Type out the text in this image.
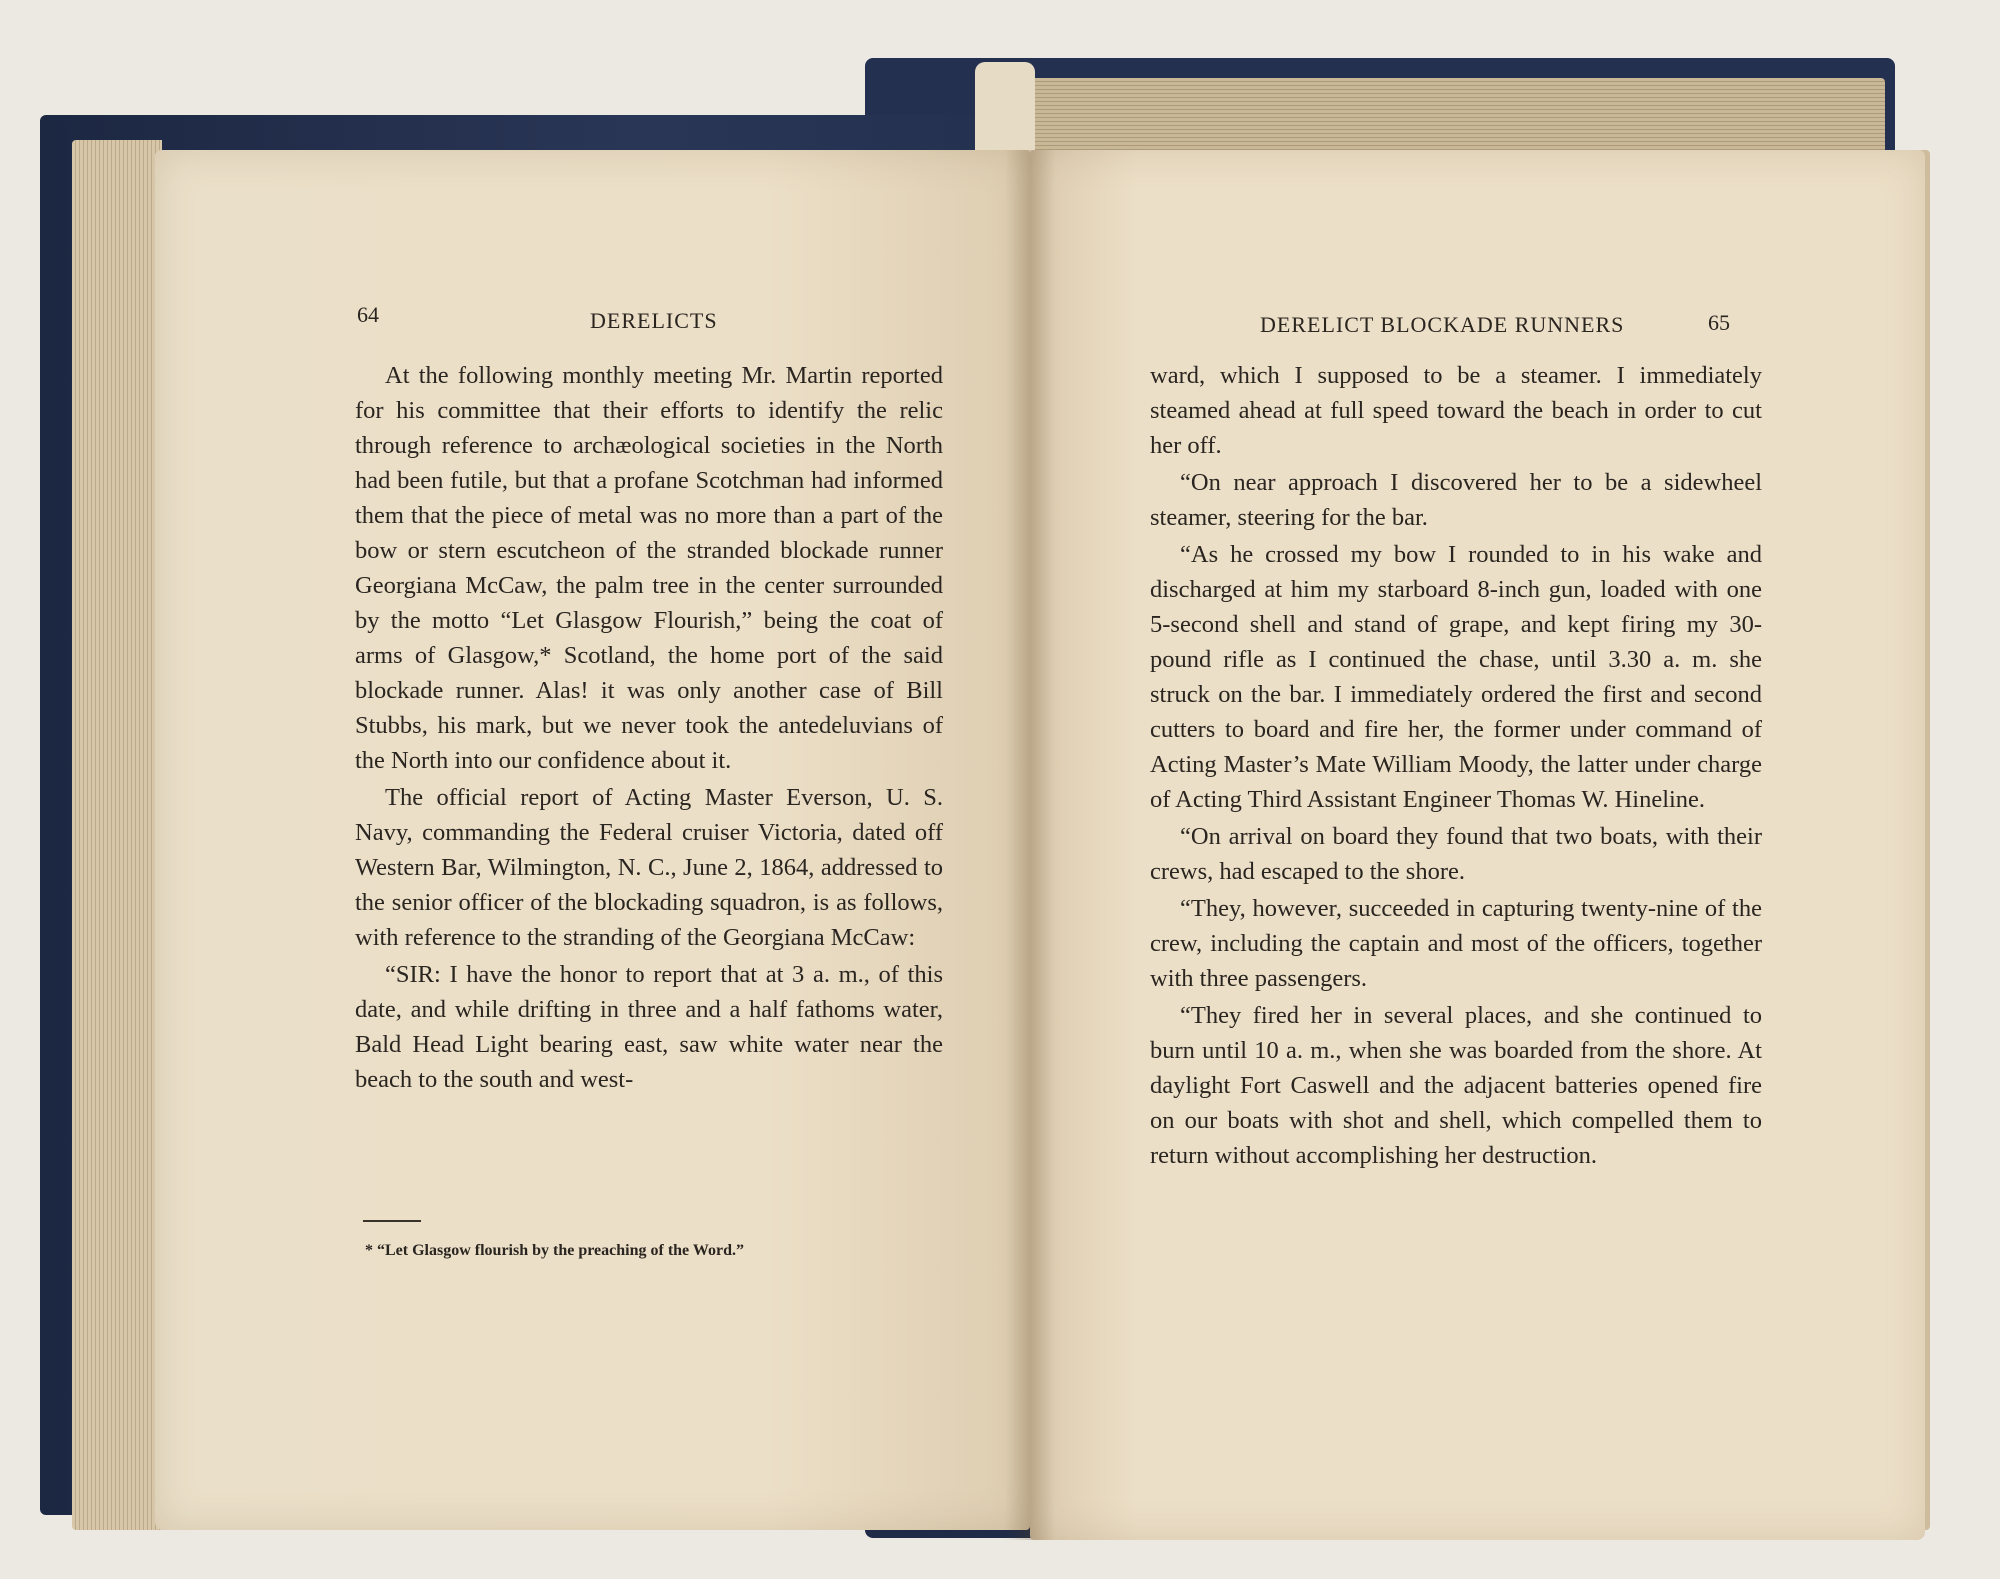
64	DERELICTS

At the following monthly meeting Mr. Martin reported for his committee that their efforts to identify the relic through reference to archæological societies in the North had been futile, but that a profane Scotchman had informed them that the piece of metal was no more than a part of the bow or stern escutcheon of the stranded blockade runner Georgiana McCaw, the palm tree in the center surrounded by the motto “Let Glasgow Flourish,” being the coat of arms of Glasgow,* Scotland, the home port of the said blockade runner. Alas! it was only another case of Bill Stubbs, his mark, but we never took the antedeluvians of the North into our confidence about it.

The official report of Acting Master Everson, U. S. Navy, commanding the Federal cruiser Victoria, dated off Western Bar, Wilmington, N. C., June 2, 1864, addressed to the senior officer of the blockading squadron, is as follows, with reference to the stranding of the Georgiana McCaw:

“SIR: I have the honor to report that at 3 a. m., of this date, and while drifting in three and a half fathoms water, Bald Head Light bearing east, saw white water near the beach to the south and west-

* “Let Glasgow flourish by the preaching of the Word.”
DERELICT BLOCKADE RUNNERS	65

ward, which I supposed to be a steamer. I immediately steamed ahead at full speed toward the beach in order to cut her off.

“On near approach I discovered her to be a sidewheel steamer, steering for the bar.

“As he crossed my bow I rounded to in his wake and discharged at him my starboard 8-inch gun, loaded with one 5-second shell and stand of grape, and kept firing my 30-pound rifle as I continued the chase, until 3.30 a. m. she struck on the bar. I immediately ordered the first and second cutters to board and fire her, the former under command of Acting Master’s Mate William Moody, the latter under charge of Acting Third Assistant Engineer Thomas W. Hineline.

“On arrival on board they found that two boats, with their crews, had escaped to the shore.

“They, however, succeeded in capturing twenty-nine of the crew, including the captain and most of the officers, together with three passengers.

“They fired her in several places, and she continued to burn until 10 a. m., when she was boarded from the shore. At daylight Fort Caswell and the adjacent batteries opened fire on our boats with shot and shell, which compelled them to return without accomplishing her destruction.
